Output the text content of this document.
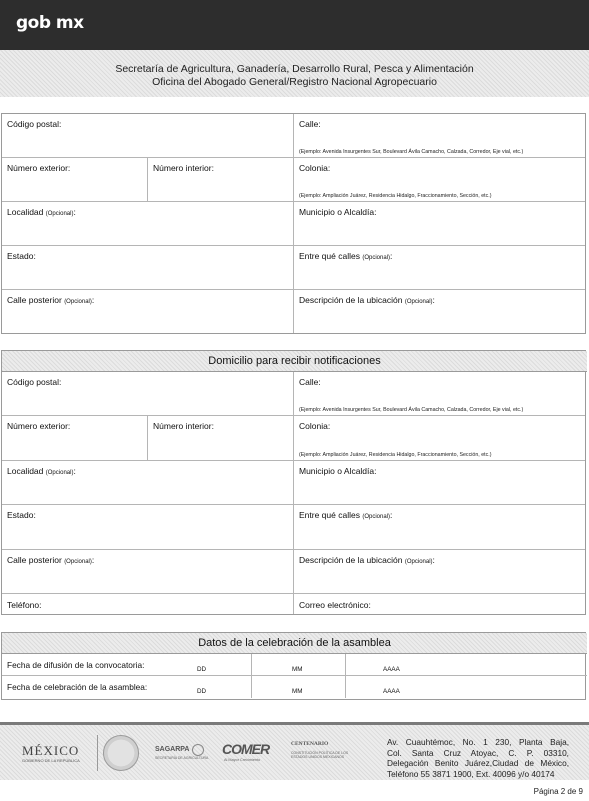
gob mx
Secretaría de Agricultura, Ganadería, Desarrollo Rural, Pesca y Alimentación
Oficina del Abogado General/Registro Nacional Agropecuario
Código postal:	Calle:
(Ejemplo: Avenida Insurgentes Sur, Boulevard Ávila Camacho, Calzada, Corredor, Eje vial, etc.)
Número exterior:	Número interior:	Colonia:
(Ejemplo: Ampliación Juárez, Residencia Hidalgo, Fraccionamiento, Sección, etc.)
Localidad (Opcional):	Municipio o Alcaldía:
Estado:	Entre qué calles (Opcional):
Calle posterior (Opcional):	Descripción de la ubicación (Opcional):
Domicilio para recibir notificaciones
Código postal:	Calle:
(Ejemplo: Avenida Insurgentes Sur, Boulevard Ávila Camacho, Calzada, Corredor, Eje vial, etc.)
Número exterior:	Número interior:	Colonia:
(Ejemplo: Ampliación Juárez, Residencia Hidalgo, Fraccionamiento, Sección, etc.)
Localidad (Opcional):	Municipio o Alcaldía:
Estado:	Entre qué calles (Opcional):
Calle posterior (Opcional):	Descripción de la ubicación (Opcional):
Teléfono:	Correo electrónico:
Datos de la celebración de la asamblea
Fecha de difusión de la convocatoria:	DD	MM	AAAA
Fecha de celebración de la asamblea:	DD	MM	AAAA
MÉXICO
GOBIERNO DE LA REPÚBLICA
SAGARPA
SECRETARÍA DE AGRICULTURA
COMER
Al Mayor Crecimiento
CENTENARIO
CONSTITUCIÓN POLÍTICA DE LOS ESTADOS UNIDOS MEXICANOS
Av. Cuauhtémoc, No. 1 230, Planta Baja,
Col. Santa Cruz Atoyac, C. P. 03310,
Delegación Benito Juárez,Ciudad de México,
Teléfono 55 3871 1900, Ext. 40096 y/o 40174
Página 2 de 9
